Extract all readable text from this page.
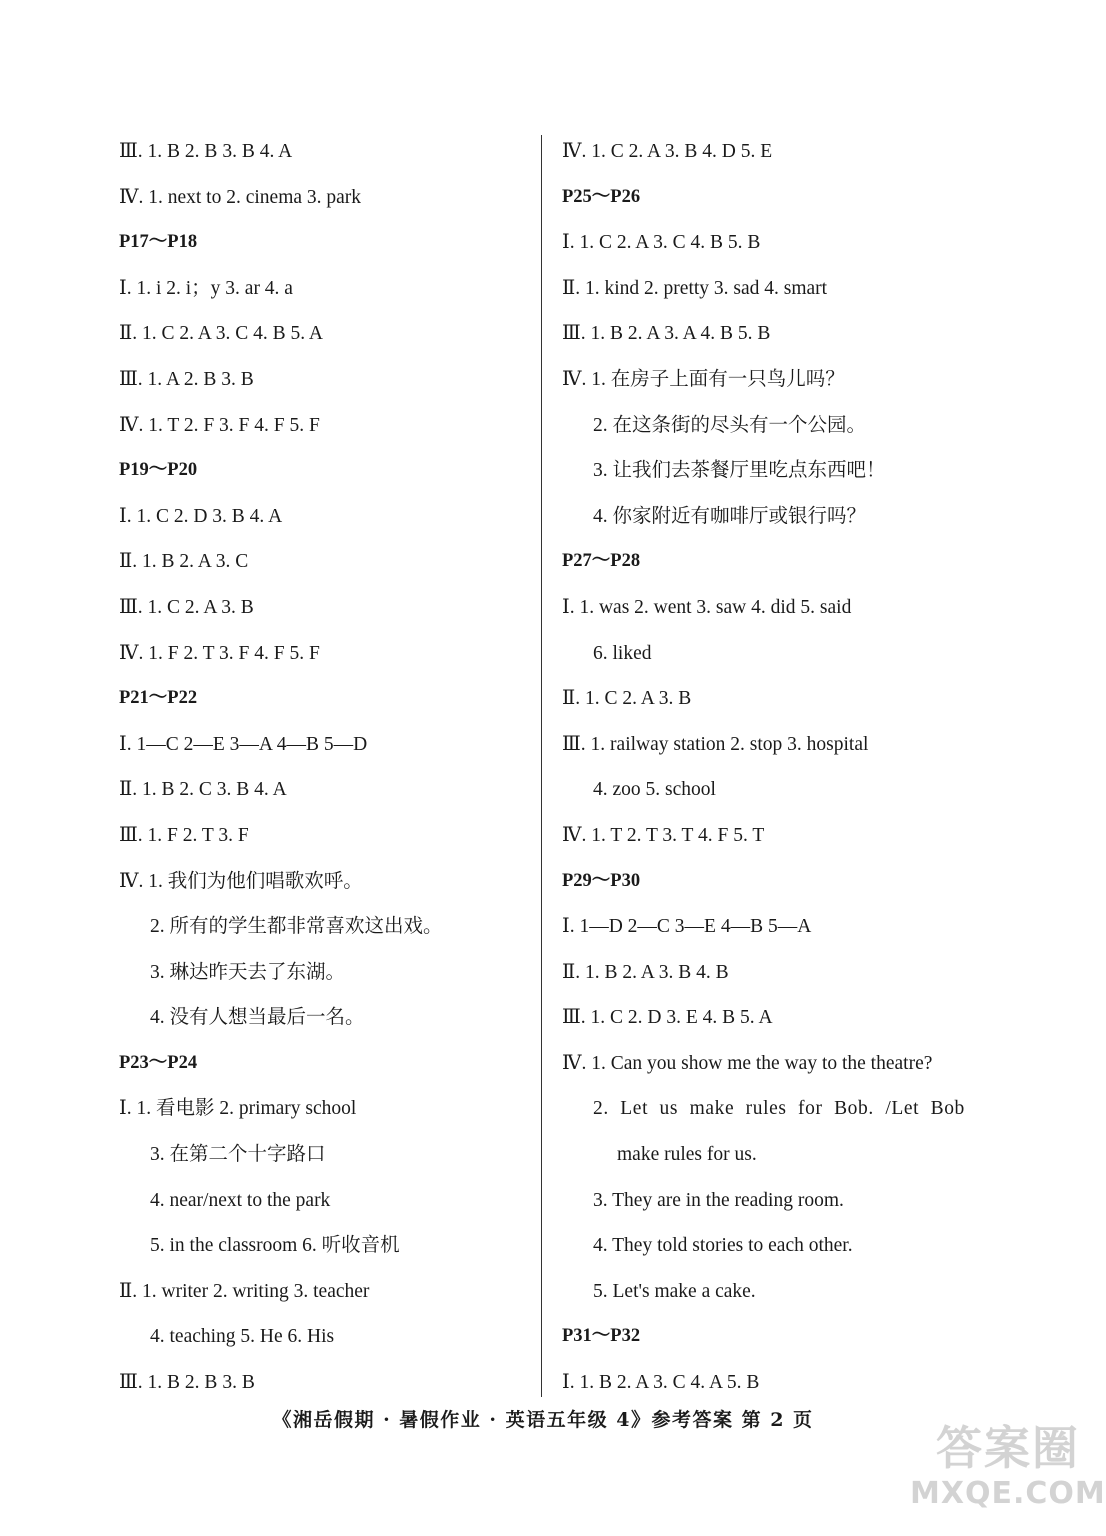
Ⅲ. 1. B 2. B 3. B 4. A
Ⅳ. 1. next to 2. cinema 3. park
P17～P18
Ⅰ. 1. i 2. i；y 3. ar 4. a
Ⅱ. 1. C 2. A 3. C 4. B 5. A
Ⅲ. 1. A 2. B 3. B
Ⅳ. 1. T 2. F 3. F 4. F 5. F
P19～P20
Ⅰ. 1. C 2. D 3. B 4. A
Ⅱ. 1. B 2. A 3. C
Ⅲ. 1. C 2. A 3. B
Ⅳ. 1. F 2. T 3. F 4. F 5. F
P21～P22
Ⅰ. 1—C 2—E 3—A 4—B 5—D
Ⅱ. 1. B 2. C 3. B 4. A
Ⅲ. 1. F 2. T 3. F
Ⅳ. 1. 我们为他们唱歌欢呼。
2. 所有的学生都非常喜欢这出戏。
3. 琳达昨天去了东湖。
4. 没有人想当最后一名。
P23～P24
Ⅰ. 1. 看电影 2. primary school
3. 在第二个十字路口
4. near/next to the park
5. in the classroom 6. 听收音机
Ⅱ. 1. writer 2. writing 3. teacher
4. teaching 5. He 6. His
Ⅲ. 1. B 2. B 3. B
Ⅳ. 1. C 2. A 3. B 4. D 5. E
P25～P26
Ⅰ. 1. C 2. A 3. C 4. B 5. B
Ⅱ. 1. kind 2. pretty 3. sad 4. smart
Ⅲ. 1. B 2. A 3. A 4. B 5. B
Ⅳ. 1. 在房子上面有一只鸟儿吗？
2. 在这条街的尽头有一个公园。
3. 让我们去茶餐厅里吃点东西吧！
4. 你家附近有咖啡厅或银行吗？
P27～P28
Ⅰ. 1. was 2. went 3. saw 4. did 5. said
6. liked
Ⅱ. 1. C 2. A 3. B
Ⅲ. 1. railway station 2. stop 3. hospital
4. zoo 5. school
Ⅳ. 1. T 2. T 3. T 4. F 5. T
P29～P30
Ⅰ. 1—D 2—C 3—E 4—B 5—A
Ⅱ. 1. B 2. A 3. B 4. B
Ⅲ. 1. C 2. D 3. E 4. B 5. A
Ⅳ. 1. Can you show me the way to the theatre?
2. Let us make rules for Bob. /Let Bob
make rules for us.
3. They are in the reading room.
4. They told stories to each other.
5. Let's make a cake.
P31～P32
Ⅰ. 1. B 2. A 3. C 4. A 5. B
《湘岳假期 · 暑假作业 · 英语五年级 4》参考答案 第 2 页
答案圈
MXQE.COM
